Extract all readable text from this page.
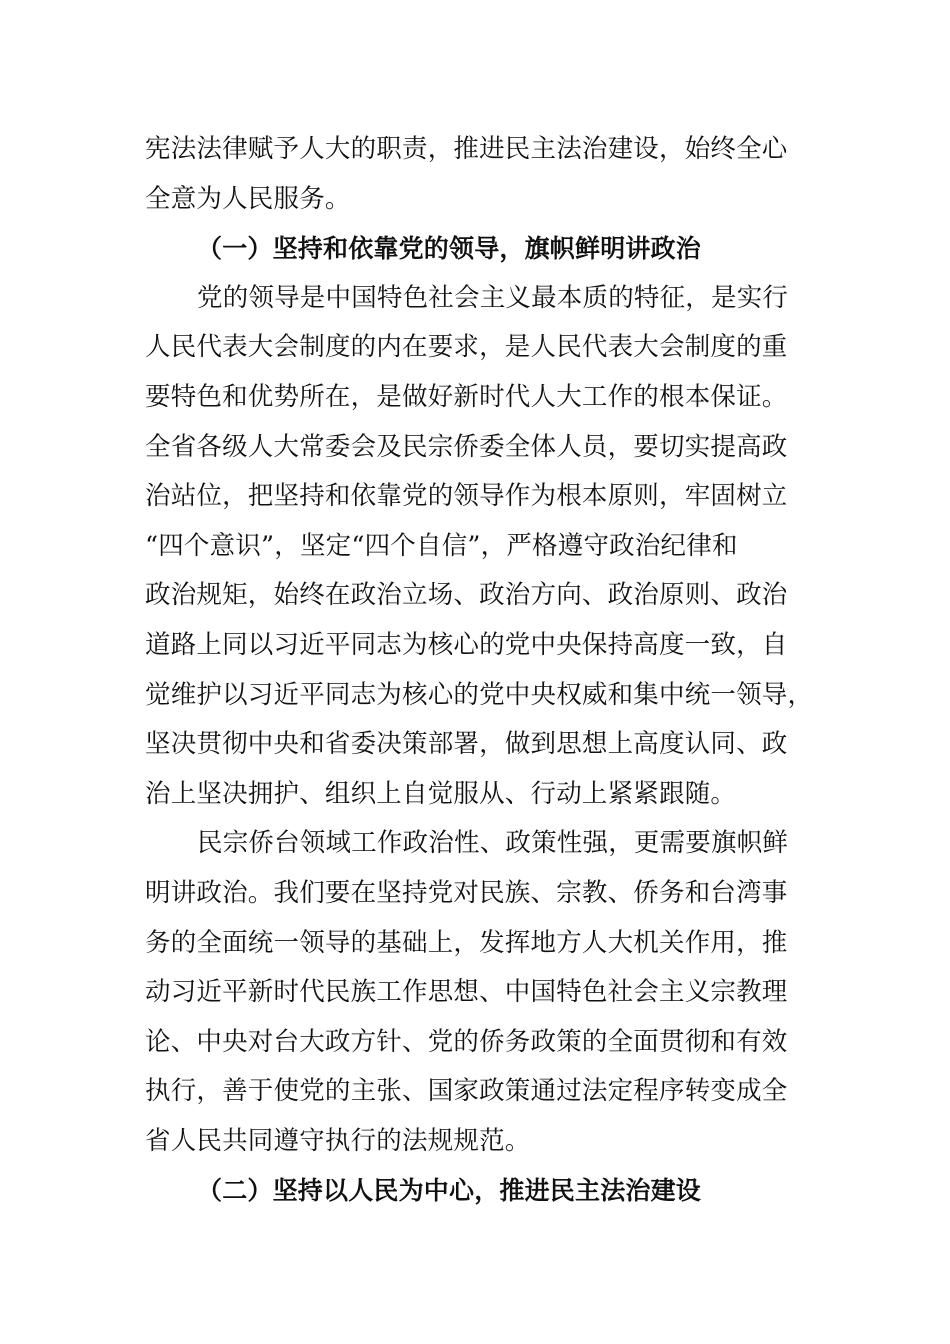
宪法法律赋予人大的职责，推进民主法治建设，始终全心
全意为人民服务。
（一）坚持和依靠党的领导，旗帜鲜明讲政治
党的领导是中国特色社会主义最本质的特征，是实行
人民代表大会制度的内在要求，是人民代表大会制度的重
要特色和优势所在，是做好新时代人大工作的根本保证。
全省各级人大常委会及民宗侨委全体人员，要切实提高政
治站位，把坚持和依靠党的领导作为根本原则，牢固树立
“四个意识”，坚定“四个自信”，严格遵守政治纪律和
政治规矩，始终在政治立场、政治方向、政治原则、政治
道路上同以习近平同志为核心的党中央保持高度一致，自
觉维护以习近平同志为核心的党中央权威和集中统一领导，
坚决贯彻中央和省委决策部署，做到思想上高度认同、政
治上坚决拥护、组织上自觉服从、行动上紧紧跟随。
民宗侨台领域工作政治性、政策性强，更需要旗帜鲜
明讲政治。我们要在坚持党对民族、宗教、侨务和台湾事
务的全面统一领导的基础上，发挥地方人大机关作用，推
动习近平新时代民族工作思想、中国特色社会主义宗教理
论、中央对台大政方针、党的侨务政策的全面贯彻和有效
执行，善于使党的主张、国家政策通过法定程序转变成全
省人民共同遵守执行的法规规范。
（二）坚持以人民为中心，推进民主法治建设
